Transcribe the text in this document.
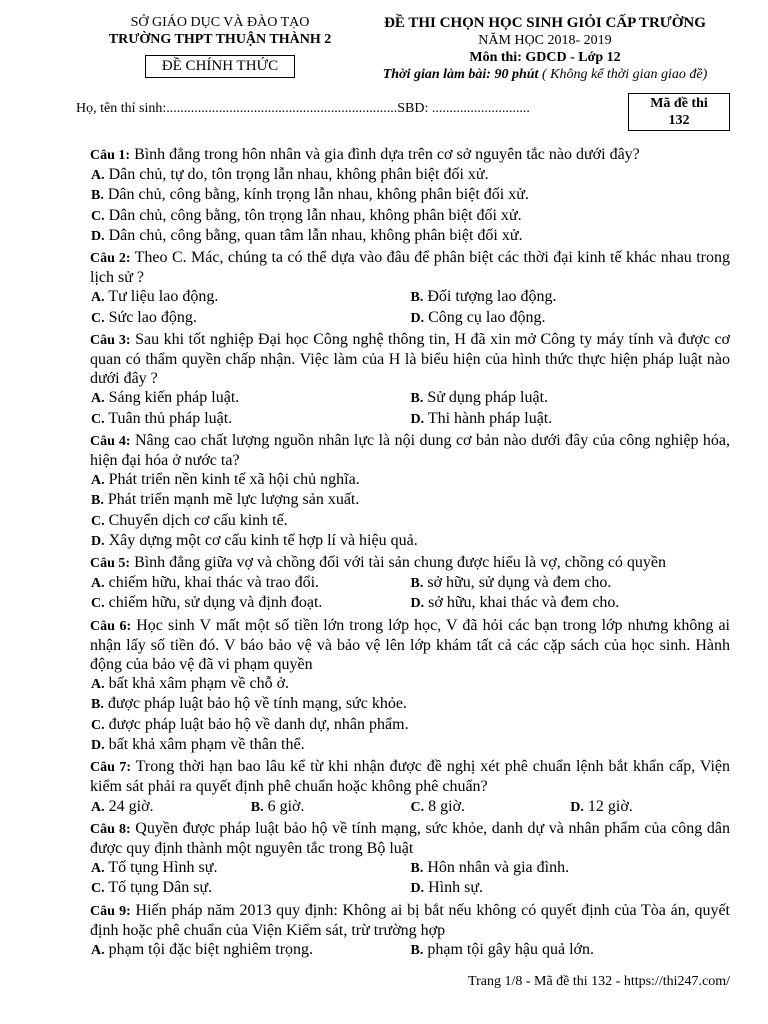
SỞ GIÁO DỤC VÀ ĐÀO TẠO
TRƯỜNG THPT THUẬN THÀNH 2
ĐỀ CHÍNH THỨC
ĐỀ THI CHỌN HỌC SINH GIỎI CẤP TRƯỜNG
NĂM HỌC 2018- 2019
Môn thi: GDCD - Lớp 12
Thời gian làm bài: 90 phút ( Không kể thời gian giao đề)
Họ, tên thí sinh:..................................................................SBD: ............................	Mã đề thi
132
Câu 1: Bình đẳng trong hôn nhân và gia đình dựa trên cơ sở nguyên tắc nào dưới đây?
A. Dân chủ, tự do, tôn trọng lẫn nhau, không phân biệt đối xử.
B. Dân chủ, công bằng, kính trọng lẫn nhau, không phân biệt đối xử.
C. Dân chủ, công bằng, tôn trọng lẫn nhau, không phân biệt đối xử.
D. Dân chủ, công bằng, quan tâm lẫn nhau, không phân biệt đối xử.
Câu 2: Theo C. Mác, chúng ta có thể dựa vào đâu để phân biệt các thời đại kinh tế khác nhau trong lịch sử ?
A. Tư liệu lao động.	B. Đối tượng lao động.
C. Sức lao động.	D. Công cụ lao động.
Câu 3: Sau khi tốt nghiệp Đại học Công nghệ thông tin, H đã xin mở Công ty máy tính và được cơ quan có thẩm quyền chấp nhận. Việc làm của H là biểu hiện của hình thức thực hiện pháp luật nào dưới đây ?
A. Sáng kiến pháp luật.	B. Sử dụng pháp luật.
C. Tuân thủ pháp luật.	D. Thi hành pháp luật.
Câu 4: Nâng cao chất lượng nguồn nhân lực là nội dung cơ bản nào dưới đây của công nghiệp hóa, hiện đại hóa ở nước ta?
A. Phát triển nền kinh tế xã hội chủ nghĩa.
B. Phát triển mạnh mẽ lực lượng sản xuất.
C. Chuyển dịch cơ cấu kinh tế.
D. Xây dựng một cơ cấu kinh tế hợp lí và hiệu quả.
Câu 5: Bình đẳng giữa vợ và chồng đối với tài sản chung được hiểu là vợ, chồng có quyền
A. chiếm hữu, khai thác và trao đổi.	B. sở hữu, sử dụng và đem cho.
C. chiếm hữu, sử dụng và định đoạt.	D. sở hữu, khai thác và đem cho.
Câu 6: Học sinh V mất một số tiền lớn trong lớp học, V đã hỏi các bạn trong lớp nhưng không ai nhận lấy số tiền đó. V báo bảo vệ và bảo vệ lên lớp khám tất cả các cặp sách của học sinh. Hành động của bảo vệ đã vi phạm quyền
A. bất khả xâm phạm về chỗ ở.
B. được pháp luật bảo hộ về tính mạng, sức khỏe.
C. được pháp luật bảo hộ về danh dự, nhân phẩm.
D. bất khả xâm phạm về thân thể.
Câu 7: Trong thời hạn bao lâu kể từ khi nhận được đề nghị xét phê chuẩn lệnh bắt khẩn cấp, Viện kiểm sát phải ra quyết định phê chuẩn hoặc không phê chuẩn?
A. 24 giờ.	B. 6 giờ.	C. 8 giờ.	D. 12 giờ.
Câu 8: Quyền được pháp luật bảo hộ về tính mạng, sức khỏe, danh dự và nhân phẩm của công dân được quy định thành một nguyên tắc trong Bộ luật
A. Tố tụng Hình sự.	B. Hôn nhân và gia đình.
C. Tố tụng Dân sự.	D. Hình sự.
Câu 9: Hiến pháp năm 2013 quy định: Không ai bị bắt nếu không có quyết định của Tòa án, quyết định hoặc phê chuẩn của Viện Kiểm sát, trừ trường hợp
A. phạm tội đặc biệt nghiêm trọng.	B. phạm tội gây hậu quả lớn.
Trang 1/8 - Mã đề thi 132 - https://thi247.com/
